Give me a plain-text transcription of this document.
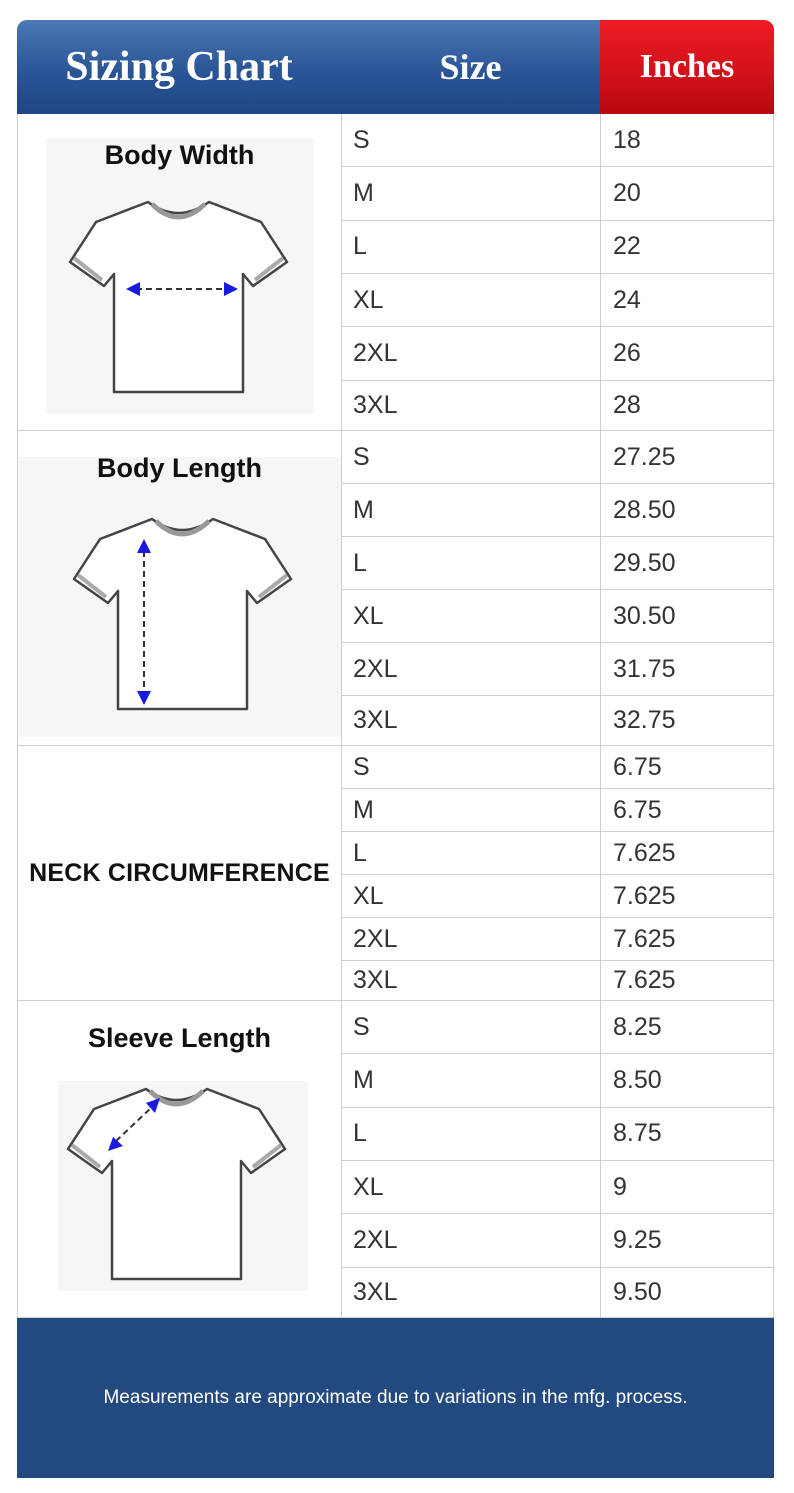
Sizing Chart	Size	Inches
Body Width
S	18
M	20
L	22
XL	24
2XL	26
3XL	28
Body Length	S	27.25
M	28.50
L	29.50
XL	30.50
2XL	31.75
3XL	32.75
NECK CIRCUMFERENCE
S	6.75
M	6.75
L	7.625
XL	7.625
2XL	7.625
3XL	7.625
Sleeve Length	S	8.25
M	8.50
L	8.75
XL	9
2XL	9.25
3XL	9.50
Measurements are approximate due to variations in the mfg. process.
